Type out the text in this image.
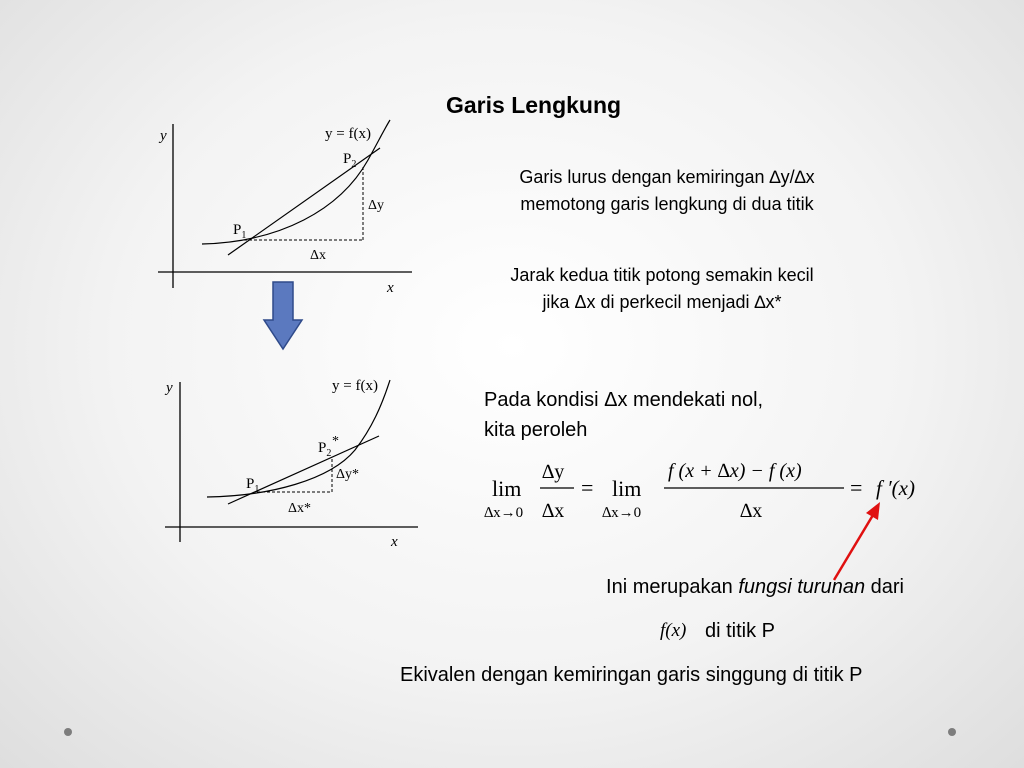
Garis Lengkung
y
x
y = f(x)
$P_2$
$P_1$
Δy
Δx
y
x
y = f(x)
$P_2$
*
$P_1$
Δy*
Δx*
Garis lurus dengan kemiringan ∆y/∆x
memotong garis lengkung di dua titik
Jarak kedua titik potong semakin kecil
jika Δx di perkecil menjadi ∆x*
Pada kondisi Δx mendekati nol,
kita peroleh
lim
∆x→0
∆y
∆x
= lim
∆x→0
f (x + ∆x) − f (x)
∆x
= f ′(x)
Ini merupakan fungsi turunan dari
f(x) di titik P
Ekivalen dengan kemiringan garis singgung di titik P
